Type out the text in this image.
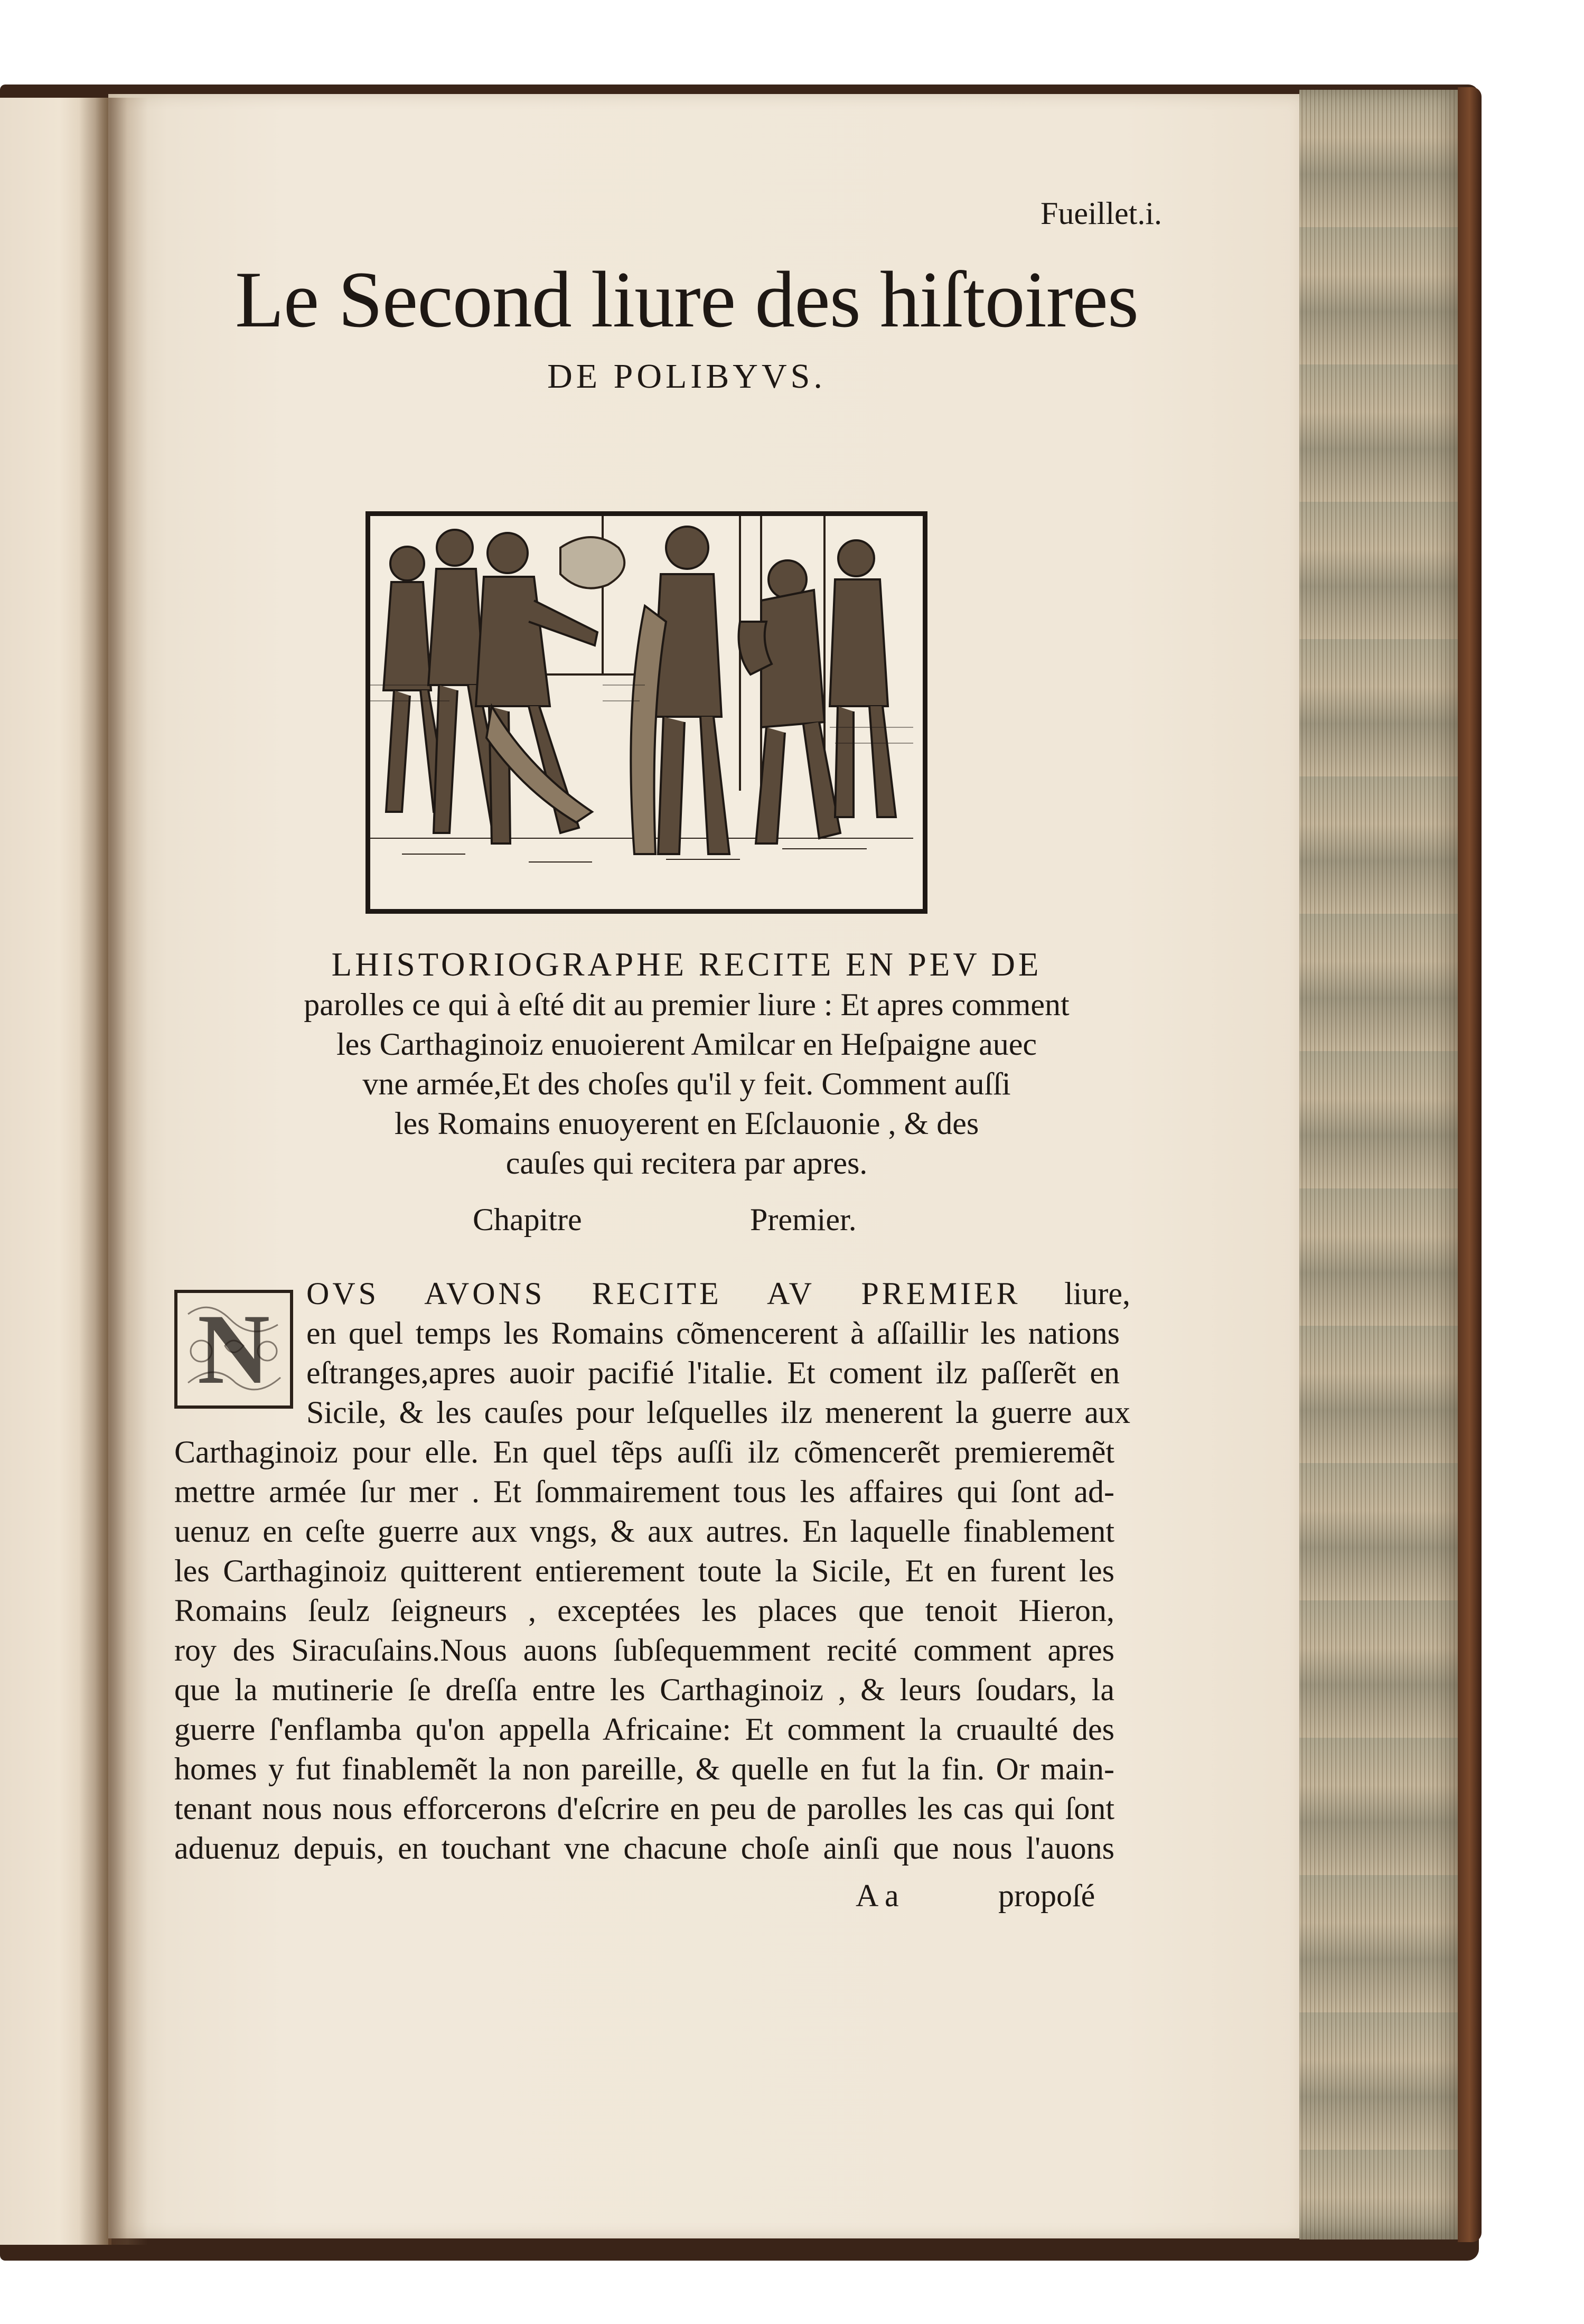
Fueillet.i.
Le Second liure des hiſtoires
DE POLIBYVS.
LHISTORIOGRAPHE RECITE EN PEV DE
parolles ce qui à eſté dit au premier liure : Et apres comment
les Carthaginoiz enuoierent Amilcar en Heſpaigne auec
vne armée,Et des choſes qu'il y feit. Comment auſſi
les Romains enuoyerent en Eſclauonie , & des
cauſes qui recitera par apres.
Chapitre	Premier.
N
OVS AVONS RECITE AV PREMIER liure,
en quel temps les Romains cõmencerent à aſſaillir les nations
eſtranges,apres auoir pacifié l'italie. Et coment ilz paſſerẽt en
Sicile, & les cauſes pour leſquelles ilz menerent la guerre aux
Carthaginoiz pour elle. En quel tẽps auſſi ilz cõmencerẽt premieremẽt
mettre armée ſur mer . Et ſommairement tous les affaires qui ſont ad-
uenuz en ceſte guerre aux vngs, & aux autres. En laquelle finablement
les Carthaginoiz quitterent entierement toute la Sicile, Et en furent les
Romains ſeulz ſeigneurs , exceptées les places que tenoit Hieron,
roy des Siracuſains.Nous auons ſubſequemment recité comment apres
que la mutinerie ſe dreſſa entre les Carthaginoiz , & leurs ſoudars, la
guerre ſ'enflamba qu'on appella Africaine: Et comment la cruaulté des
homes y fut finablemẽt la non pareille, & quelle en fut la fin. Or main-
tenant nous nous efforcerons d'eſcrire en peu de parolles les cas qui ſont
aduenuz depuis, en touchant vne chacune choſe ainſi que nous l'auons
A a	propoſé
